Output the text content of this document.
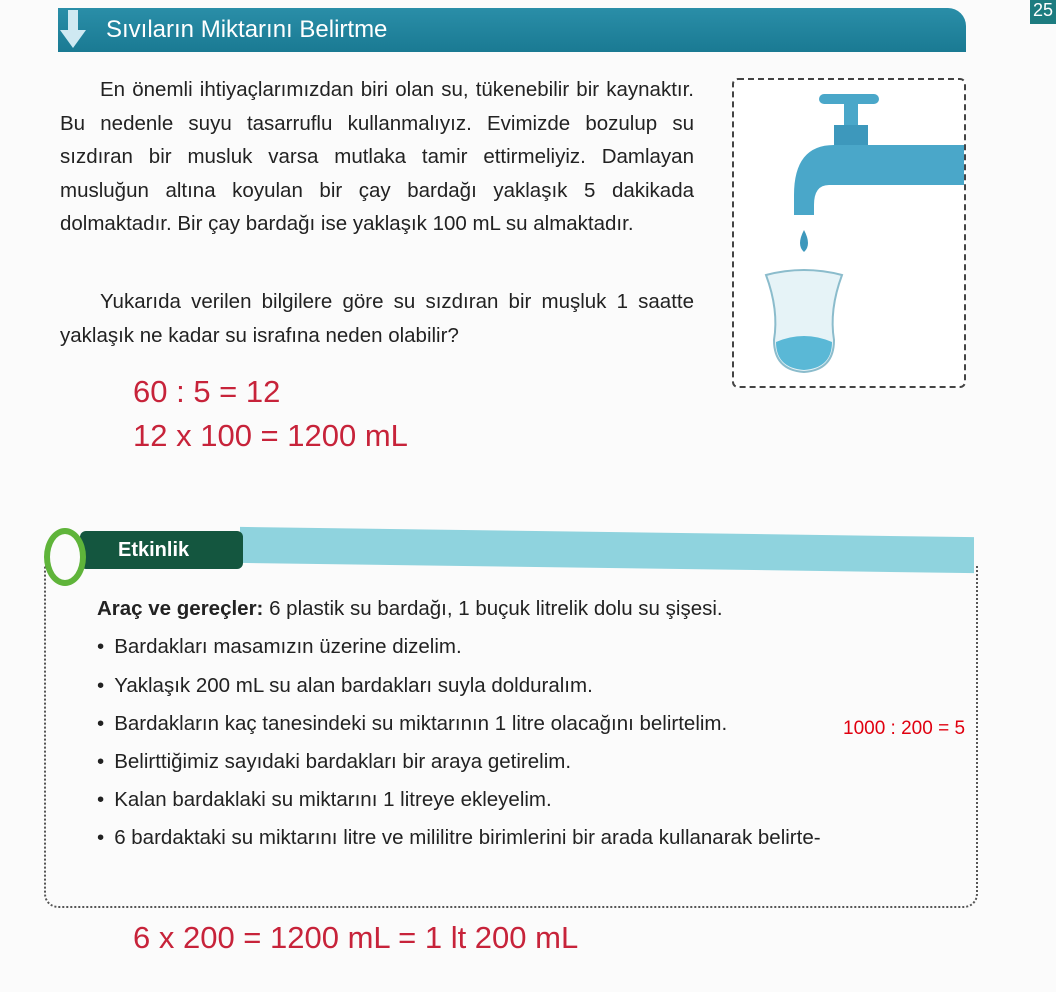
Sıvıların Miktarını Belirtme
25
En önemli ihtiyaçlarımızdan biri olan su, tükenebilir bir kaynaktır. Bu nedenle suyu tasarruflu kullanmalıyız. Evimizde bozulup su sızdıran bir musluk varsa mutlaka tamir ettirmeliyiz. Damlayan musluğun altına koyulan bir çay bardağı yaklaşık 5 dakikada dolmaktadır. Bir çay bardağı ise yaklaşık 100 mL su almaktadır.
Yukarıda verilen bilgilere göre su sızdıran bir muşluk 1 saatte yaklaşık ne kadar su israfına neden olabilir?
60 : 5 = 12
12 x 100 = 1200 mL
Etkinlik
Araç ve gereçler: 6 plastik su bardağı, 1 buçuk litrelik dolu su şişesi.
• Bardakları masamızın üzerine dizelim.
• Yaklaşık 200 mL su alan bardakları suyla dolduralım.
• Bardakların kaç tanesindeki su miktarının 1 litre olacağını belirtelim.
• Belirttiğimiz sayıdaki bardakları bir araya getirelim.
• Kalan bardaklaki su miktarını 1 litreye ekleyelim.
• 6 bardaktaki su miktarını litre ve mililitre birimlerini bir arada kullanarak belirte-
1000 : 200 = 5
6 x 200 = 1200 mL = 1 lt 200 mL
